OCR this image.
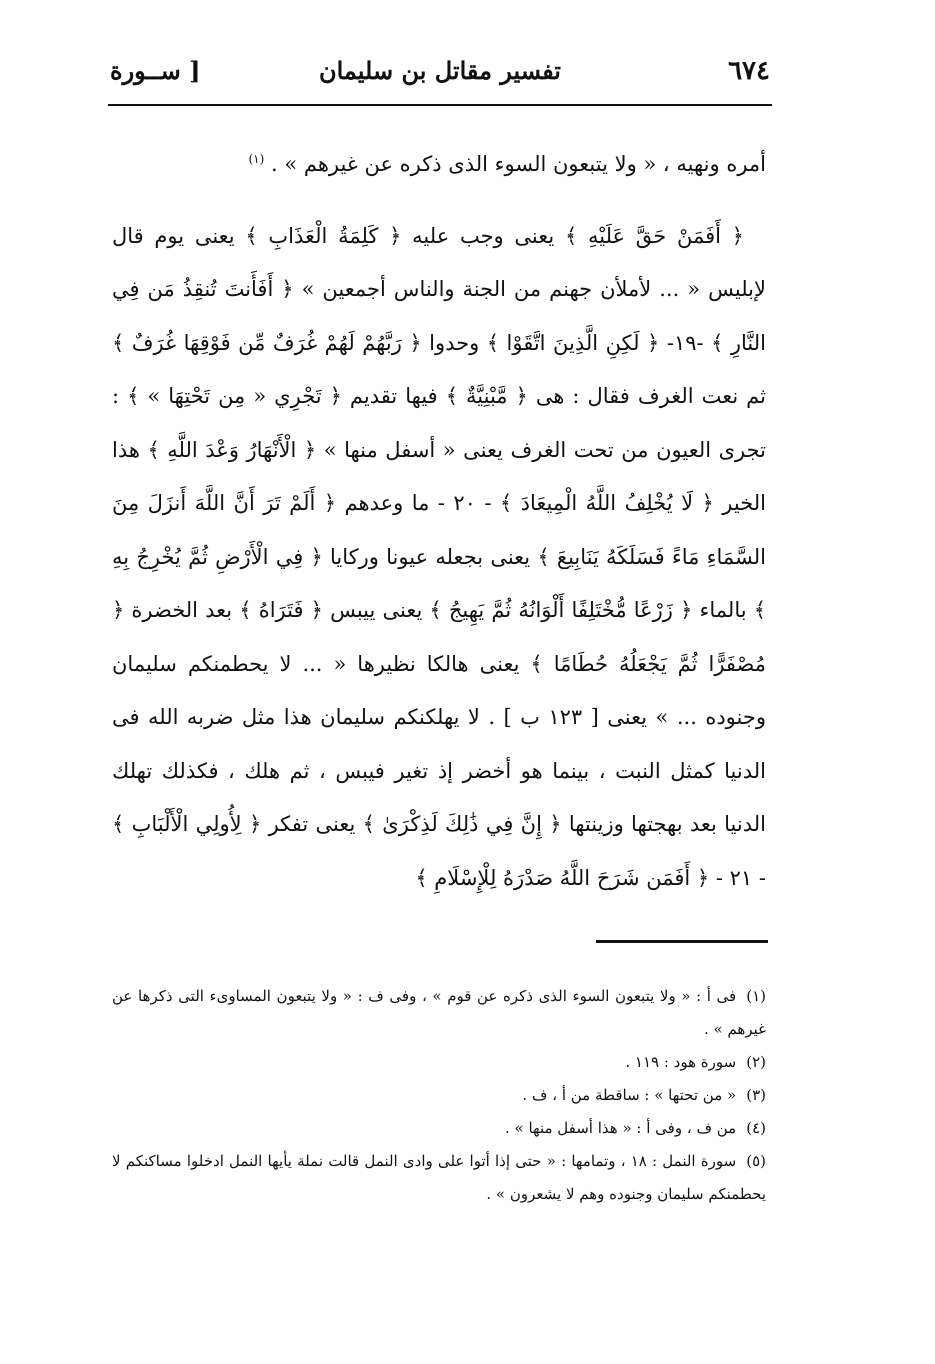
٦٧٤
تفسير مقاتل بن سليمان
[ ســورة

أمره ونهيه ، « ولا يتبعون السوء الذى ذكره عن غيرهم » . $^{(١)}$

﴿ أَفَمَنْ حَقَّ عَلَيْهِ ﴾ يعنى وجب عليه ﴿ كَلِمَةُ الْعَذَابِ ﴾ يعنى يوم قال لإبليس « ... لأملأن جهنم من الجنة والناس أجمعين » ﴿ أَفَأَنتَ تُنقِذُ مَن فِي النَّارِ ﴾ -١٩- ﴿ لَكِنِ الَّذِينَ اتَّقَوْا ﴾ وحدوا ﴿ رَبَّهُمْ لَهُمْ غُرَفٌ مِّن فَوْقِهَا غُرَفٌ ﴾ ثم نعت الغرف فقال : هى ﴿ مَّبْنِيَّةٌ ﴾ فيها تقديم ﴿ تَجْرِي « مِن تَحْتِهَا » ﴾ : تجرى العيون من تحت الغرف يعنى « أسفل منها » ﴿ الْأَنْهَارُ وَعْدَ اللَّهِ ﴾ هذا الخير ﴿ لَا يُخْلِفُ اللَّهُ الْمِيعَادَ ﴾ - ٢٠ - ما وعدهم ﴿ أَلَمْ تَرَ أَنَّ اللَّهَ أَنزَلَ مِنَ السَّمَاءِ مَاءً فَسَلَكَهُ يَنَابِيعَ ﴾ يعنى بجعله عيونا وركايا ﴿ فِي الْأَرْضِ ثُمَّ يُخْرِجُ بِهِ ﴾ بالماء ﴿ زَرْعًا مُّخْتَلِفًا أَلْوَانُهُ ثُمَّ يَهِيجُ ﴾ يعنى ييبس ﴿ فَتَرَاهُ ﴾ بعد الخضرة ﴿ مُصْفَرًّا ثُمَّ يَجْعَلُهُ حُطَامًا ﴾ يعنى هالكا نظيرها « ... لا يحطمنكم سليمان وجنوده ... » يعنى [ ١٢٣ ب ] . لا يهلكنكم سليمان هذا مثل ضربه الله فى الدنيا كمثل النبت ، بينما هو أخضر إذ تغير فيبس ، ثم هلك ، فكذلك تهلك الدنيا بعد بهجتها وزينتها ﴿ إِنَّ فِي ذَٰلِكَ لَذِكْرَىٰ ﴾ يعنى تفكر ﴿ لِأُولِي الْأَلْبَابِ ﴾ - ٢١ - ﴿ أَفَمَن شَرَحَ اللَّهُ صَدْرَهُ لِلْإِسْلَامِ ﴾

(١)فى أ : « ولا يتبعون السوء الذى ذكره عن قوم » ، وفى ف : « ولا يتبعون المساوىء التى ذكرها عن غيرهم » .

(٢)سورة هود : ١١٩ .

(٣)« من تحتها » : ساقطة من أ ، ف .

(٤)من ف ، وفى أ : « هذا أسفل منها » .

(٥)سورة النمل : ١٨ ، وتمامها : « حتى إذا أتوا على وادى النمل قالت نملة يأيها النمل ادخلوا مساكنكم لا يحطمنكم سليمان وجنوده وهم لا يشعرون » .
